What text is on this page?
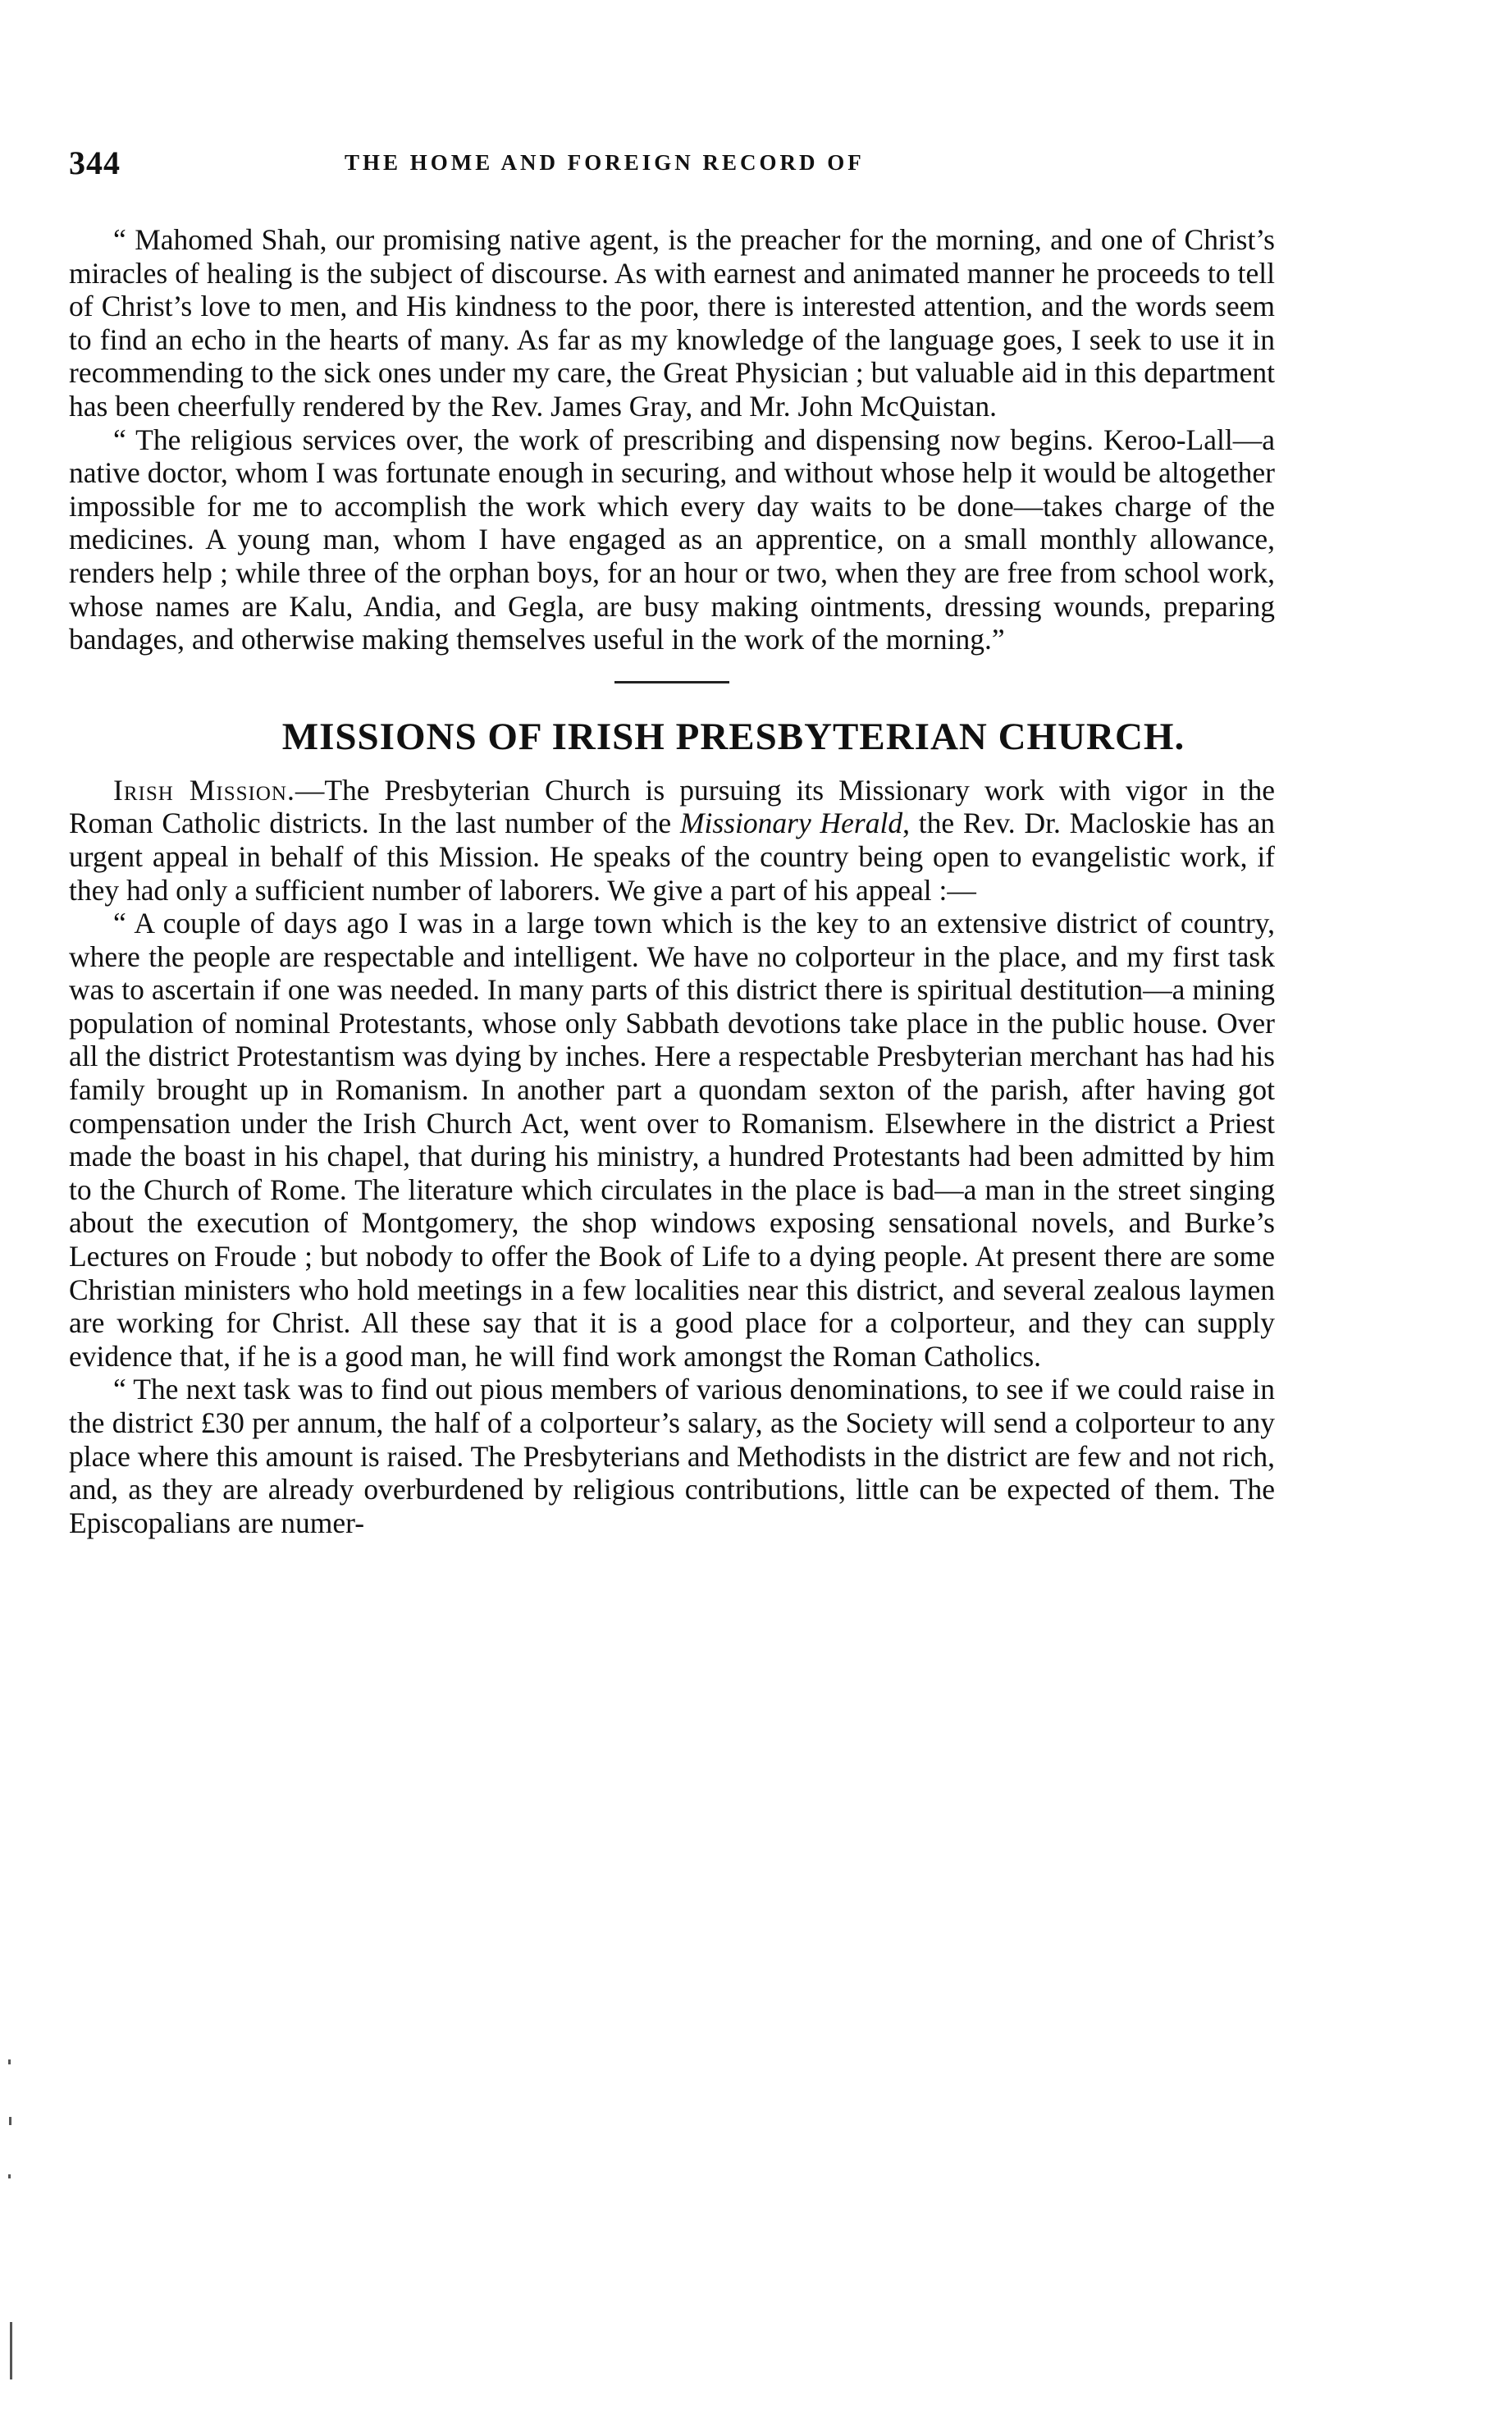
344	THE HOME AND FOREIGN RECORD OF

“ Mahomed Shah, our promising native agent, is the preacher for the morning, and one of Christ’s miracles of healing is the subject of discourse. As with earnest and animated manner he proceeds to tell of Christ’s love to men, and His kindness to the poor, there is interested attention, and the words seem to find an echo in the hearts of many. As far as my knowledge of the language goes, I seek to use it in recommending to the sick ones under my care, the Great Physician ; but valuable aid in this department has been cheerfully rendered by the Rev. James Gray, and Mr. John McQuistan.

“ The religious services over, the work of prescribing and dispensing now begins. Keroo-Lall—a native doctor, whom I was fortunate enough in securing, and without whose help it would be altogether impossible for me to accomplish the work which every day waits to be done—takes charge of the medicines. A young man, whom I have engaged as an apprentice, on a small monthly allowance, renders help ; while three of the orphan boys, for an hour or two, when they are free from school work, whose names are Kalu, Andia, and Gegla, are busy making ointments, dressing wounds, preparing bandages, and otherwise making themselves useful in the work of the morning.”

MISSIONS OF IRISH PRESBYTERIAN CHURCH.

Irish Mission.—The Presbyterian Church is pursuing its Missionary work with vigor in the Roman Catholic districts. In the last number of the Missionary Herald, the Rev. Dr. Macloskie has an urgent appeal in behalf of this Mission. He speaks of the country being open to evangelistic work, if they had only a sufficient number of laborers. We give a part of his appeal :—

“ A couple of days ago I was in a large town which is the key to an extensive district of country, where the people are respectable and intelligent. We have no colporteur in the place, and my first task was to ascertain if one was needed. In many parts of this district there is spiritual destitution—a mining population of nominal Protestants, whose only Sabbath devotions take place in the public house. Over all the district Protestantism was dying by inches. Here a respectable Presbyterian merchant has had his family brought up in Romanism. In another part a quondam sexton of the parish, after having got compensation under the Irish Church Act, went over to Romanism. Elsewhere in the district a Priest made the boast in his chapel, that during his ministry, a hundred Protestants had been admitted by him to the Church of Rome. The literature which circulates in the place is bad—a man in the street singing about the execution of Montgomery, the shop windows exposing sensational novels, and Burke’s Lectures on Froude ; but nobody to offer the Book of Life to a dying people. At present there are some Christian ministers who hold meetings in a few localities near this district, and several zealous laymen are working for Christ. All these say that it is a good place for a colporteur, and they can supply evidence that, if he is a good man, he will find work amongst the Roman Catholics.

“ The next task was to find out pious members of various denominations, to see if we could raise in the district £30 per annum, the half of a colporteur’s salary, as the Society will send a colporteur to any place where this amount is raised. The Presbyterians and Methodists in the district are few and not rich, and, as they are already overburdened by religious contributions, little can be expected of them. The Episcopalians are numer-
